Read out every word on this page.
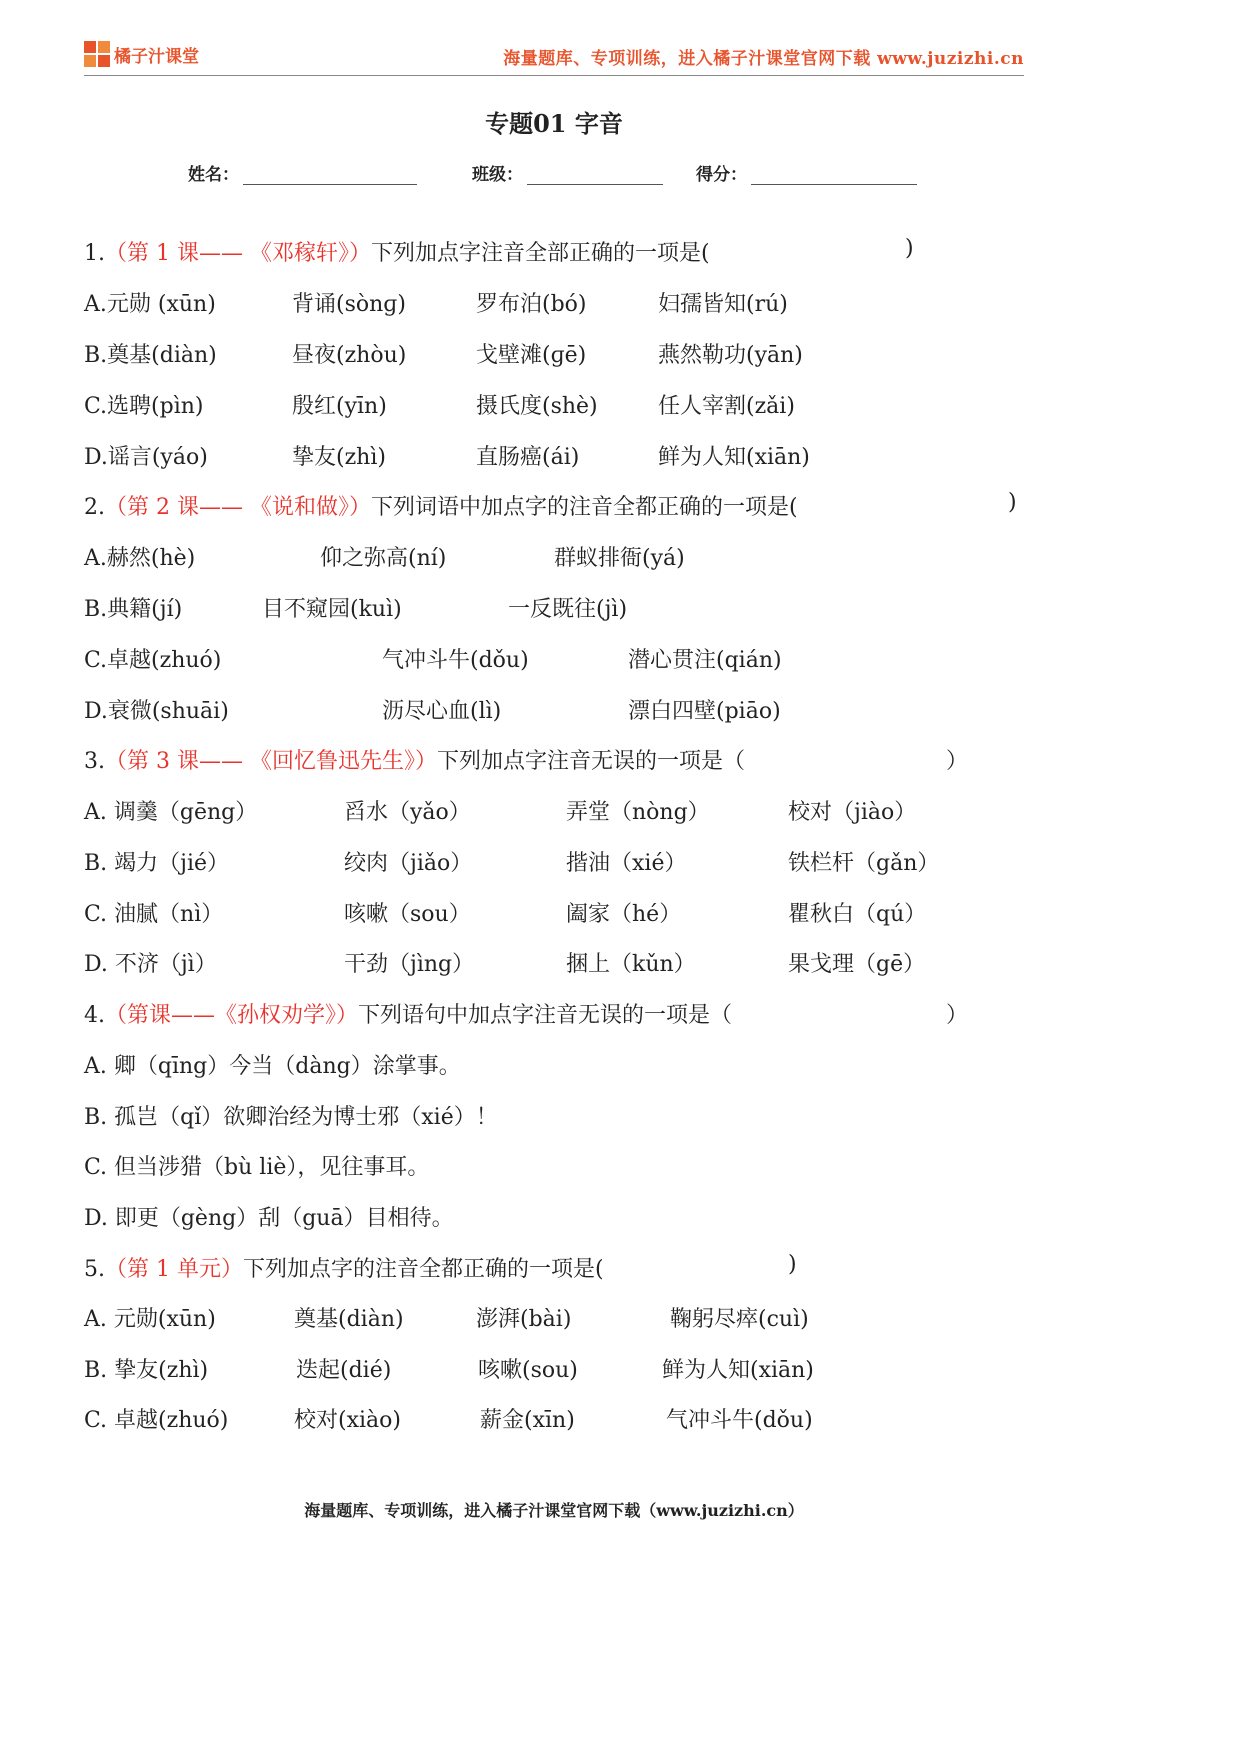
橘子汁课堂	海量题库、专项训练，进入橘子汁课堂官网下载 www.juzizhi.cn
专题01 字音
姓名：	班级：	得分：
1.（第 1 课—— 《邓稼轩》）下列加点字注音全部正确的一项是(	)
A.元勋 (xūn)	背诵(sònɡ)	罗布泊(bó)	妇孺皆知(rú)
B.奠基(diàn)	昼夜(zhòu)	戈壁滩(ɡē)	燕然勒功(yān)
C.选聘(pìn)	殷红(yīn)	摄氏度(shè)	任人宰割(zǎi)
D.谣言(yáo)	挚友(zhì)	直肠癌(ái)	鲜为人知(xiān)
2.（第 2 课—— 《说和做》）下列词语中加点字的注音全都正确的一项是(	)
A.赫然(hè)	仰之弥高(ní)	群蚁排衙(yá)
B.典籍(jí)	目不窥园(kuì)	一反既往(jì)
C.卓越(zhuó)	气冲斗牛(dǒu)	潜心贯注(qián)
D.衰微(shuāi)	沥尽心血(lì)	漂白四壁(piāo)
3.（第 3 课—— 《回忆鲁迅先生》）下列加点字注音无误的一项是（	）
A. 调羹（gēng）	舀水（yǎo）	弄堂（nòng）	校对（jiào）
B. 竭力（jié）	绞肉（jiǎo）	揩油（xié）	铁栏杆（gǎn）
C. 油腻（nì）	咳嗽（sou）	阖家（hé）	瞿秋白（qú）
D. 不济（jì）	干劲（jìng）	捆上（kǔn）	果戈理（gē）
4.（第课——《孙权劝学》）下列语句中加点字注音无误的一项是（	）
A. 卿（qīng）今当（dàng）涂掌事。
B. 孤岂（qǐ）欲卿治经为博士邪（xié）！
C. 但当涉猎（bù liè），见往事耳。
D. 即更（gèng）刮（guā）目相待。
5.（第 1 单元）下列加点字的注音全都正确的一项是(	)
A. 元勋(xūn)	奠基(diàn)	澎湃(bài)	鞠躬尽瘁(cuì)
B. 挚友(zhì)	迭起(dié)	咳嗽(sou)	鲜为人知(xiān)
C. 卓越(zhuó)	校对(xiào)	薪金(xīn)	气冲斗牛(dǒu)
海量题库、专项训练，进入橘子汁课堂官网下载（www.juzizhi.cn）
